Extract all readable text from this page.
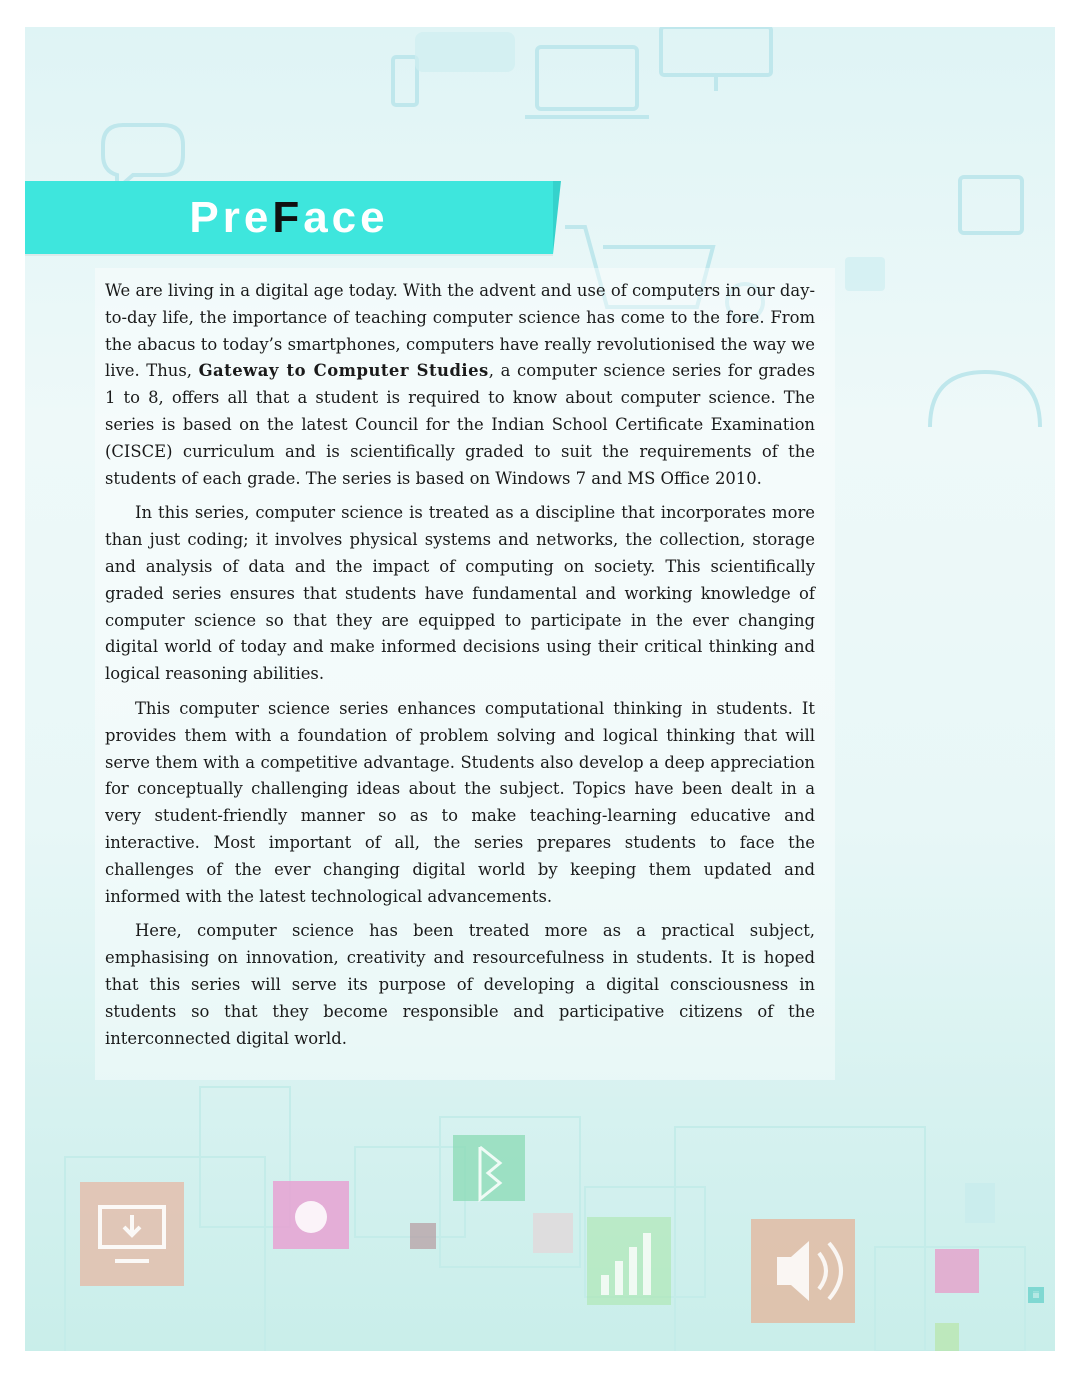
PreFace

We are living in a digital age today. With the advent and use of computers in our day-to-day life, the importance of teaching computer science has come to the fore. From the abacus to today’s smartphones, computers have really revolutionised the way we live. Thus, Gateway to Computer Studies, a computer science series for grades 1 to 8, offers all that a student is required to know about computer science. The series is based on the latest Council for the Indian School Certificate Examination (CISCE) curriculum and is scientifically graded to suit the requirements of the students of each grade. The series is based on Windows 7 and MS Office 2010.

In this series, computer science is treated as a discipline that incorporates more than just coding; it involves physical systems and networks, the collection, storage and analysis of data and the impact of computing on society. This scientifically graded series ensures that students have fundamental and working knowledge of computer science so that they are equipped to participate in the ever changing digital world of today and make informed decisions using their critical thinking and logical reasoning abilities.

This computer science series enhances computational thinking in students. It provides them with a foundation of problem solving and logical thinking that will serve them with a competitive advantage. Students also develop a deep appreciation for conceptually challenging ideas about the subject. Topics have been dealt in a very student-friendly manner so as to make teaching-learning educative and interactive. Most important of all, the series prepares students to face the challenges of the ever changing digital world by keeping them updated and informed with the latest technological advancements.

Here, computer science has been treated more as a practical subject, emphasising on innovation, creativity and resourcefulness in students. It is hoped that this series will serve its purpose of developing a digital consciousness in students so that they become responsible and participative citizens of the interconnected digital world.

iii
